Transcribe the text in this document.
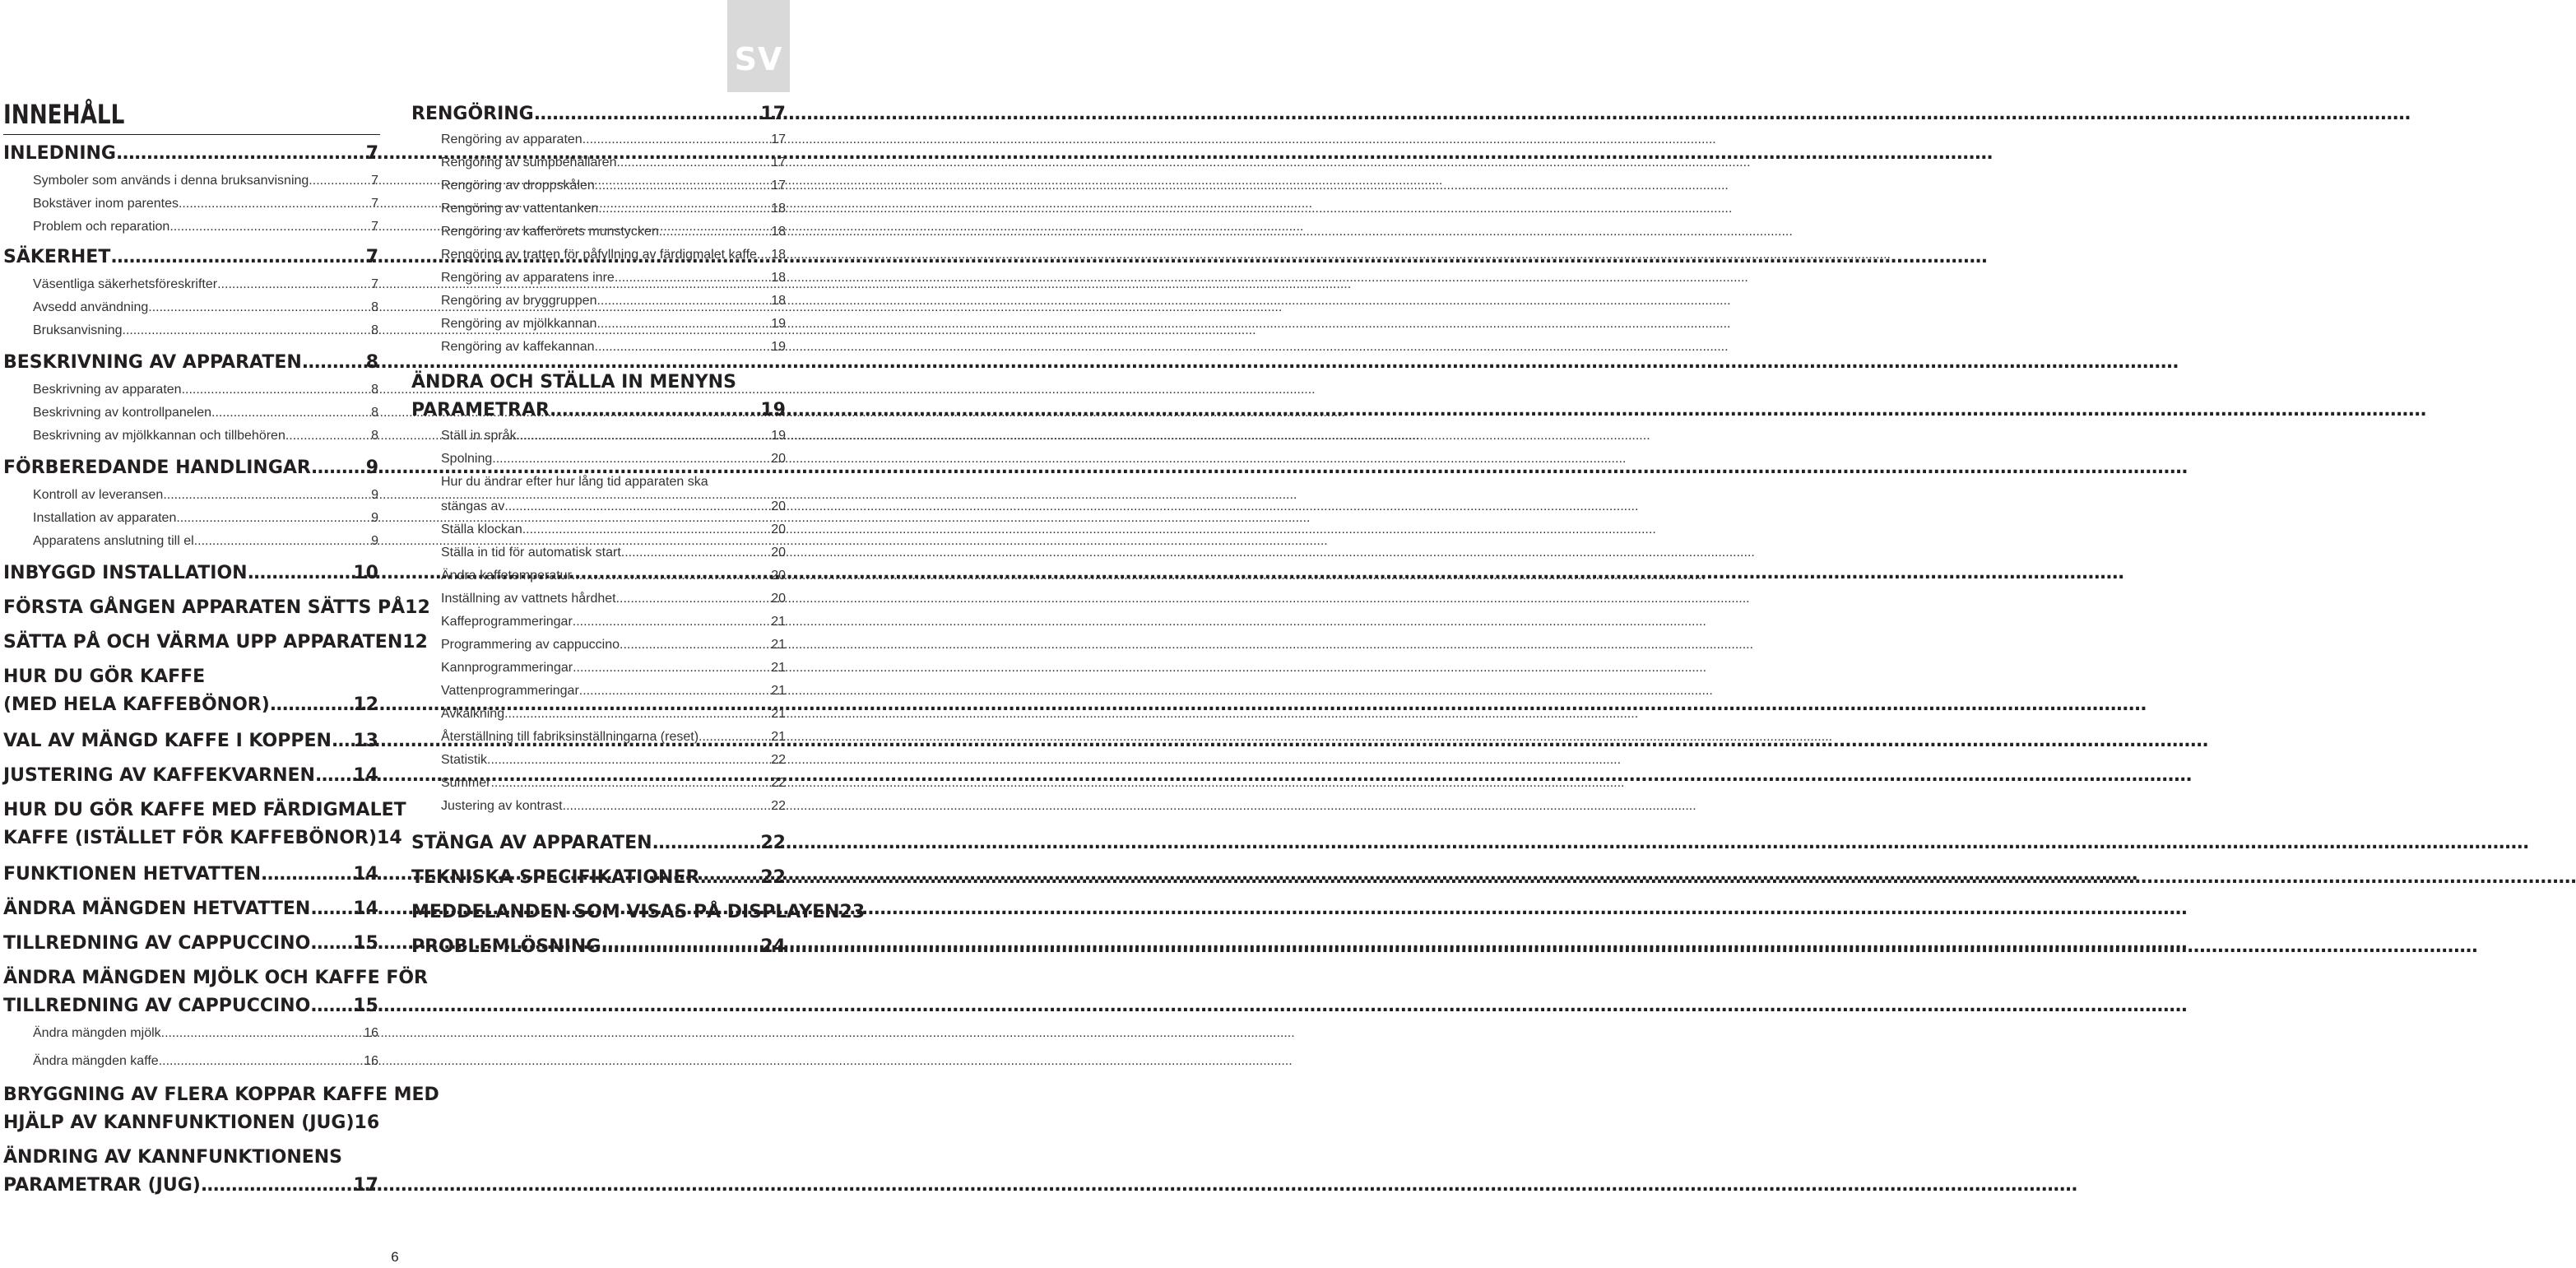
SV
INNEHÅLL
INLEDNING .....	7
Symboler som används i denna bruksanvisning .....	7
Bokstäver inom parentes .....	7
Problem och reparation .....	7
SÄKERHET .....	7
Väsentliga säkerhetsföreskrifter .....	7
Avsedd användning .....	8
Bruksanvisning .....	8
BESKRIVNING AV APPARATEN .....	8
Beskrivning av apparaten .....	8
Beskrivning av kontrollpanelen .....	8
Beskrivning av mjölkkannan och tillbehören .....	8
FÖRBEREDANDE HANDLINGAR .....	9
Kontroll av leveransen .....	9
Installation av apparaten .....	9
Apparatens anslutning till el .....	9
INBYGGD INSTALLATION .....	10
FÖRSTA GÅNGEN APPARATEN SÄTTS PÅ 12
SÄTTA PÅ OCH VÄRMA UPP APPARATEN 12
HUR DU GÖR KAFFE
(MED HELA KAFFEBÖNOR) .....	12
VAL AV MÄNGD KAFFE I KOPPEN ..... 13
JUSTERING AV KAFFEKVARNEN ..... 14
HUR DU GÖR KAFFE MED FÄRDIGMALET
KAFFE (ISTÄLLET FÖR KAFFEBÖNOR) 14
FUNKTIONEN HETVATTEN .....	14
ÄNDRA MÄNGDEN HETVATTEN ..... 14
TILLREDNING AV CAPPUCCINO ..... 15
ÄNDRA MÄNGDEN MJÖLK OCH KAFFE FÖR
TILLREDNING AV CAPPUCCINO ..... 15
Ändra mängden mjölk .....	16
Ändra mängden kaffe .....	16
BRYGGNING AV FLERA KOPPAR KAFFE MED
HJÄLP AV KANNFUNKTIONEN (JUG) 16
ÄNDRING AV KANNFUNKTIONENS
PARAMETRAR (JUG) .....	17
RENGÖRING .....	17
Rengöring av apparaten .....	17
Rengöring av sumpbehållaren .....	17
Rengöring av droppskålen .....	17
Rengöring av vattentanken .....	18
Rengöring av kafferörets munstycken .....	18
Rengöring av tratten för påfyllning av färdigmalet kaffe ..... 18
Rengöring av apparatens inre .....	18
Rengöring av bryggruppen .....	18
Rengöring av mjölkkannan .....	19
Rengöring av kaffekannan .....	19
ÄNDRA OCH STÄLLA IN MENYNS
PARAMETRAR .....	19
Ställ in språk .....	19
Spolning .....	20
Hur du ändrar efter hur lång tid apparaten ska
stängas av .....	20
Ställa klockan .....	20
Ställa in tid för automatisk start .....	20
Ändra kaffetemperatur .....	20
Inställning av vattnets hårdhet .....	20
Kaffeprogrammeringar .....	21
Programmering av cappuccino .....	21
Kannprogrammeringar .....	21
Vattenprogrammeringar .....	21
Avkalkning .....	21
Återställning till fabriksinställningarna (reset) .....	21
Statistik .....	22
Summer .....	22
Justering av kontrast .....	22
STÄNGA AV APPARATEN .....	22
TEKNISKA SPECIFIKATIONER .....	22
MEDDELANDEN SOM VISAS PÅ DISPLAYEN 23
PROBLEMLÖSNING .....	24
6
